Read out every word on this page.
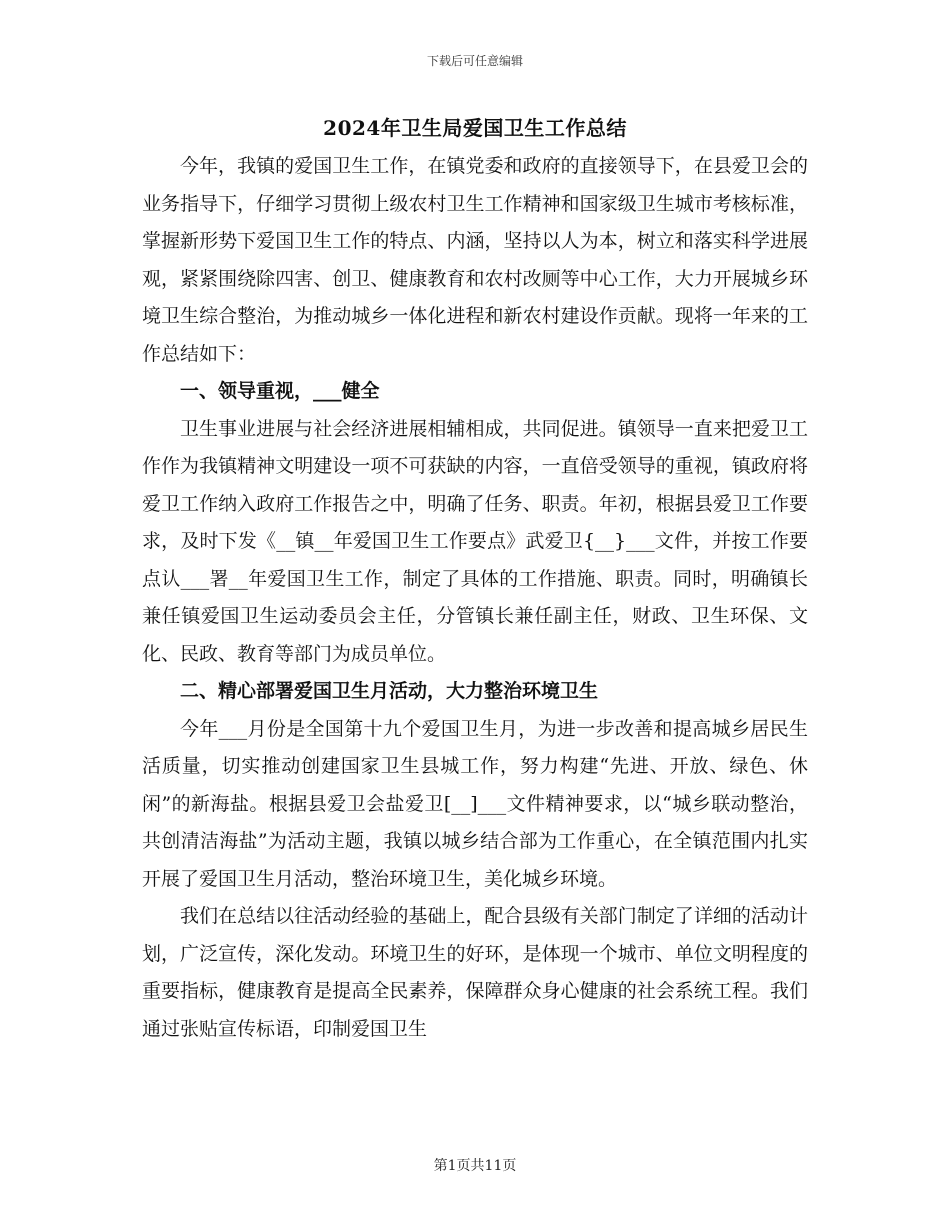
下载后可任意编辑
2024年卫生局爱国卫生工作总结

今年，我镇的爱国卫生工作，在镇党委和政府的直接领导下，在县爱卫会的业务指导下，仔细学习贯彻上级农村卫生工作精神和国家级卫生城市考核标准，掌握新形势下爱国卫生工作的特点、内涵，坚持以人为本，树立和落实科学进展观，紧紧围绕除四害、创卫、健康教育和农村改厕等中心工作，大力开展城乡环境卫生综合整治，为推动城乡一体化进程和新农村建设作贡献。现将一年来的工作总结如下：

一、领导重视，___健全

卫生事业进展与社会经济进展相辅相成，共同促进。镇领导一直来把爱卫工作作为我镇精神文明建设一项不可获缺的内容，一直倍受领导的重视，镇政府将爱卫工作纳入政府工作报告之中，明确了任务、职责。年初，根据县爱卫工作要求，及时下发《__镇__年爱国卫生工作要点》武爱卫{__}___文件，并按工作要点认___署__年爱国卫生工作，制定了具体的工作措施、职责。同时，明确镇长兼任镇爱国卫生运动委员会主任，分管镇长兼任副主任，财政、卫生环保、文化、民政、教育等部门为成员单位。

二、精心部署爱国卫生月活动，大力整治环境卫生

今年___月份是全国第十九个爱国卫生月，为进一步改善和提高城乡居民生活质量，切实推动创建国家卫生县城工作，努力构建“先进、开放、绿色、休闲”的新海盐。根据县爱卫会盐爱卫[__]___文件精神要求，以“城乡联动整治，共创清洁海盐”为活动主题，我镇以城乡结合部为工作重心，在全镇范围内扎实开展了爱国卫生月活动，整治环境卫生，美化城乡环境。

我们在总结以往活动经验的基础上，配合县级有关部门制定了详细的活动计划，广泛宣传，深化发动。环境卫生的好环，是体现一个城市、单位文明程度的重要指标，健康教育是提高全民素养，保障群众身心健康的社会系统工程。我们通过张贴宣传标语，印制爱国卫生

第1页共11页
